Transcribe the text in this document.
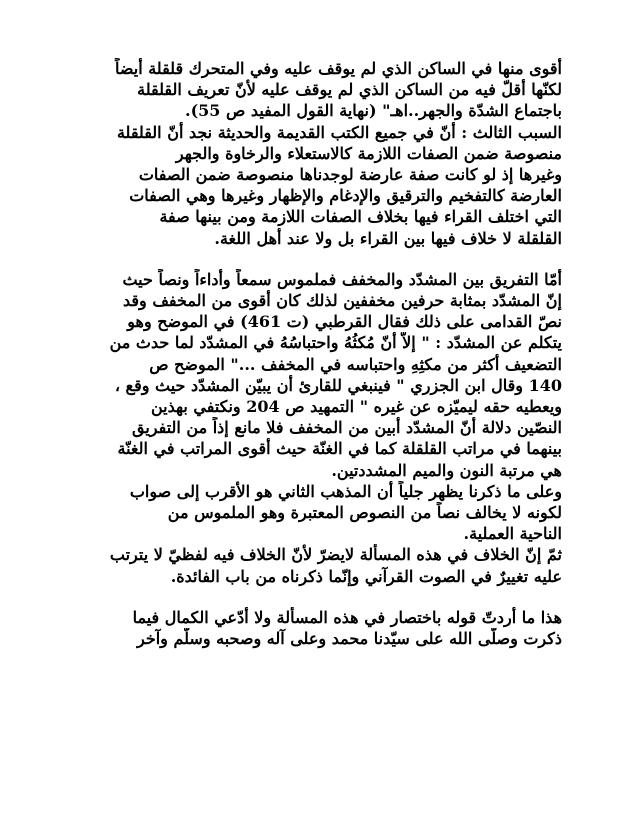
أقوى منها في الساكن الذي لم يوقف عليه وفي المتحرك قلقلة أيضاً
لكنّها أقلّ فيه من الساكن الذي لم يوقف عليه لأنّ تعريف القلقلة
باجتماع الشدّة والجهر..اهـ" (نهاية القول المفيد ص 55).
السبب الثالث : أنّ في جميع الكتب القديمة والحديثة نجد أنّ القلقلة
منصوصة ضمن الصفات اللازمة كالاستعلاء والرخاوة والجهر
وغيرها إذ لو كانت صفة عارضة لوجدناها منصوصة ضمن الصفات
العارضة كالتفخيم والترقيق والإدغام والإظهار وغيرها وهي الصفات
التي اختلف القراء فيها بخلاف الصفات اللازمة ومن بينها صفة
القلقلة لا خلاف فيها بين القراء بل ولا عند أهل اللغة.
أمّا التفريق بين المشدّد والمخفف فملموس سمعاً وأداءاً ونصاً حيث
إنّ المشدّد بمثابة حرفين مخففين لذلك كان أقوى من المخفف وقد
نصّ القدامى على ذلك فقال القرطبي (ت 461) في الموضح وهو
يتكلم عن المشدّد : " إلاّ أنّ مُكثُهُ واحتباسُهُ في المشدّد لما حدث من
التضعيف أكثر من مكثِهِ واحتباسه في المخفف ..." الموضح ص
140 وقال ابن الجزري " فينبغي للقارئ أن يبيّن المشدّد حيث وقع ،
ويعطيه حقه ليميّزه عن غيره " التمهيد ص 204 ونكتفي بهذين
النصّين دلالة أنّ المشدّد أبين من المخفف فلا مانع إذاً من التفريق
بينهما في مراتب القلقلة كما في الغنّة حيث أقوى المراتب في الغنّة
هي مرتبة النون والميم المشددتين.
وعلى ما ذكرنا يظهر جلياً أن المذهب الثاني هو الأقرب إلى صواب
لكونه لا يخالف نصاً من النصوص المعتبرة وهو الملموس من
الناحية العملية.
ثمّ إنّ الخلاف في هذه المسألة لايضرّ لأنّ الخلاف فيه لفظيّ لا يترتب
عليه تغييرٌ في الصوت القرآني وإنّما ذكرناه من باب الفائدة.
هذا ما أردتّ قوله باختصار في هذه المسألة ولا أدّعي الكمال فيما
ذكرت وصلّى الله على سيّدنا محمد وعلى آله وصحبه وسلّم وآخر
